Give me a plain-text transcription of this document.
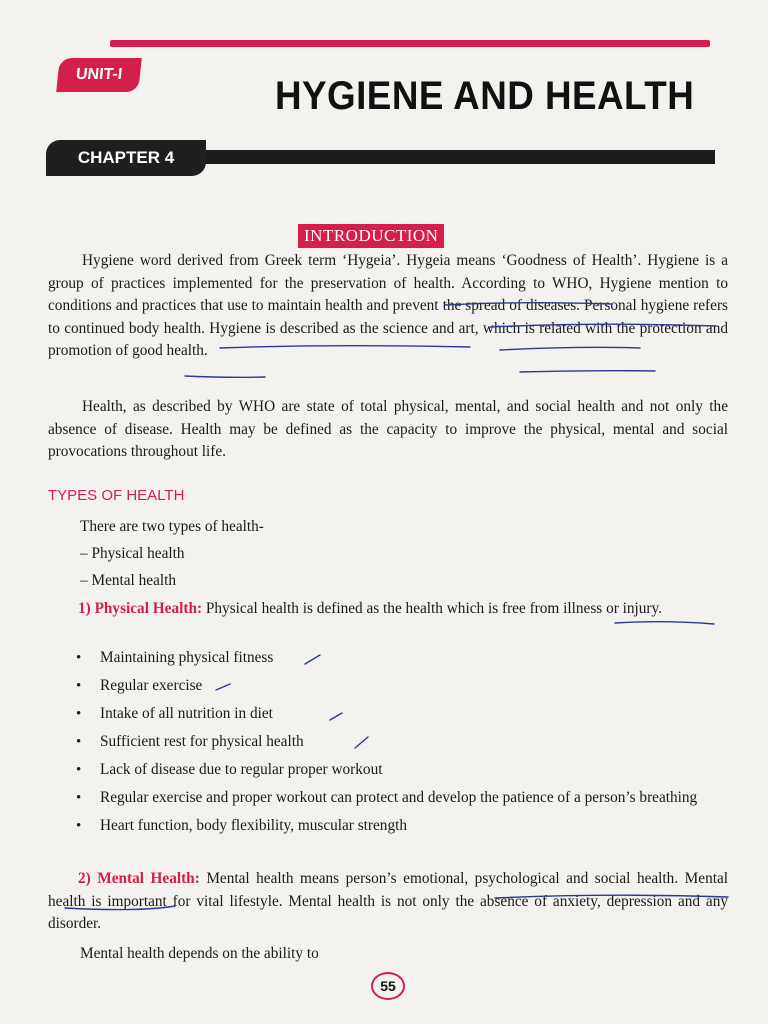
UNIT-I	HYGIENE AND HEALTH
CHAPTER 4
INTRODUCTION

Hygiene word derived from Greek term ‘Hygeia’. Hygeia means ‘Goodness of Health’. Hygiene is a group of practices implemented for the preservation of health. According to WHO, Hygiene mention to conditions and practices that use to maintain health and prevent the spread of diseases. Personal hygiene refers to continued body health. Hygiene is described as the science and art, which is related with the protection and promotion of good health.

Health, as described by WHO are state of total physical, mental, and social health and not only the absence of disease. Health may be defined as the capacity to improve the physical, mental and social provocations throughout life.

TYPES OF HEALTH
There are two types of health-
– Physical health
– Mental health

1) Physical Health: Physical health is defined as the health which is free from illness or injury.

• Maintaining physical fitness
• Regular exercise
• Intake of all nutrition in diet
• Sufficient rest for physical health
• Lack of disease due to regular proper workout
• Regular exercise and proper workout can protect and develop the patience of a person’s breathing
• Heart function, body flexibility, muscular strength

2) Mental Health: Mental health means person’s emotional, psychological and social health. Mental health is important for vital lifestyle. Mental health is not only the absence of anxiety, depression and any disorder.

Mental health depends on the ability to
55
